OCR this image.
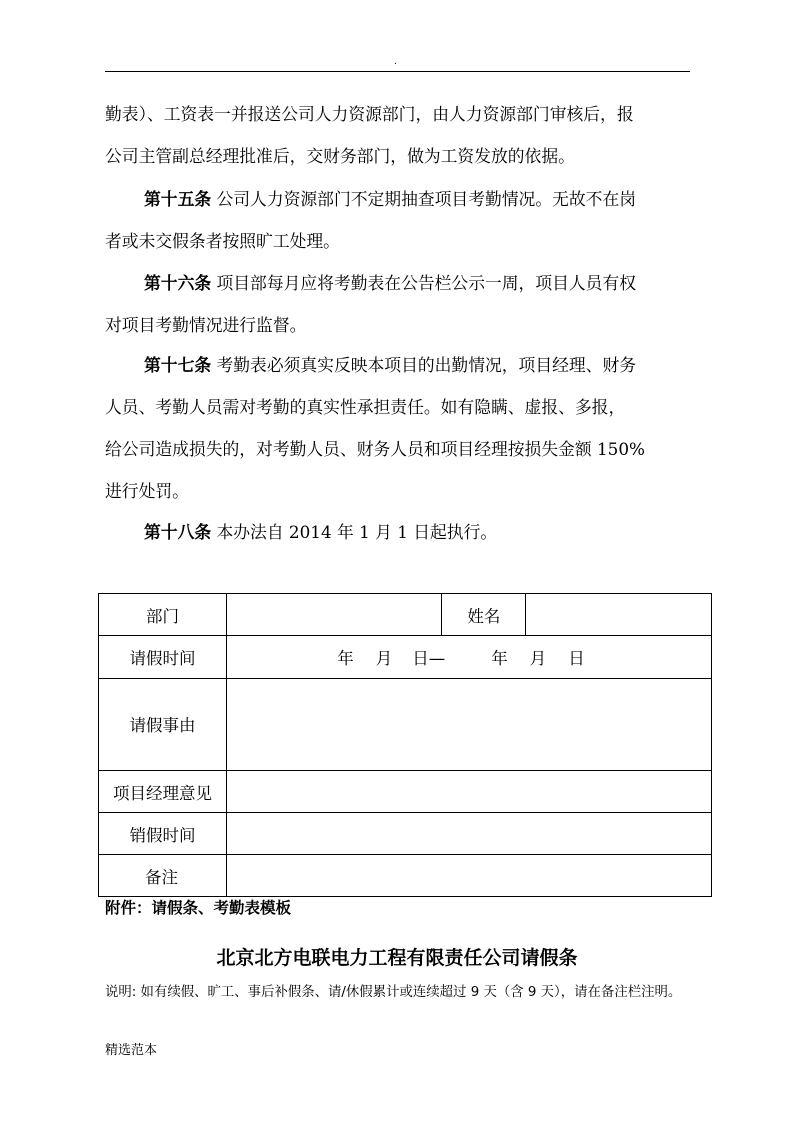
.
勤表）、工资表一并报送公司人力资源部门，由人力资源部门审核后，报
公司主管副总经理批准后，交财务部门，做为工资发放的依据。
第十五条 公司人力资源部门不定期抽查项目考勤情况。无故不在岗
者或未交假条者按照旷工处理。
第十六条 项目部每月应将考勤表在公告栏公示一周，项目人员有权
对项目考勤情况进行监督。
第十七条 考勤表必须真实反映本项目的出勤情况，项目经理、财务
人员、考勤人员需对考勤的真实性承担责任。如有隐瞒、虚报、多报，
给公司造成损失的，对考勤人员、财务人员和项目经理按损失金额 150%
进行处罚。
第十八条 本办法自 2014 年 1 月 1 日起执行。
部门		姓名	
请假时间	年 月 日— 年 月 日		
请假事由			
项目经理意见			
销假时间			
备注			
附件：请假条、考勤表模板
北京北方电联电力工程有限责任公司请假条
说明: 如有续假、旷工、事后补假条、请/休假累计或连续超过 9 天（含 9 天），请在备注栏注明。
精选范本
